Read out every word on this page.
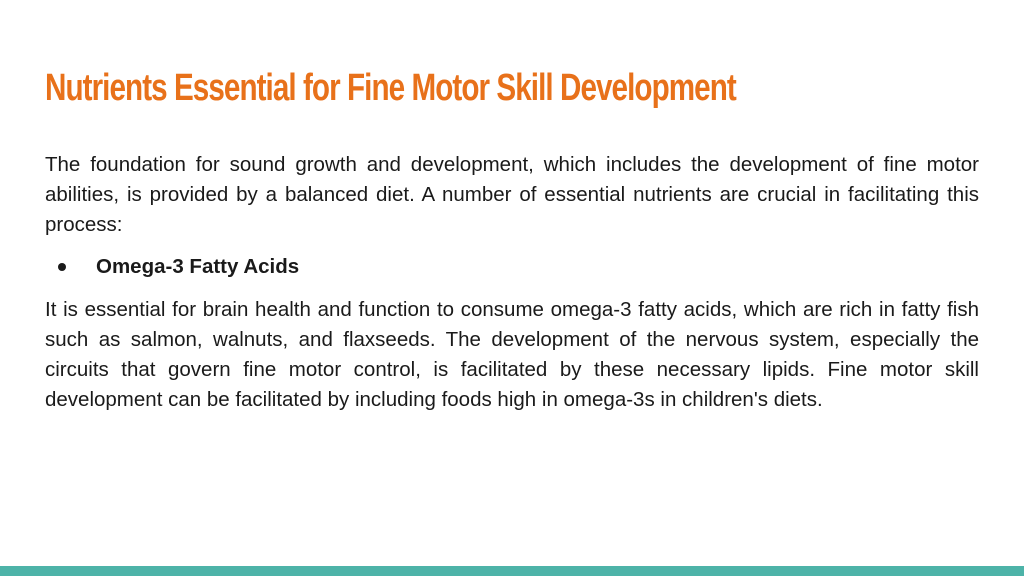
Nutrients Essential for Fine Motor Skill Development

The foundation for sound growth and development, which includes the development of fine motor abilities, is provided by a balanced diet. A number of essential nutrients are crucial in facilitating this process:

Omega-3 Fatty Acids

It is essential for brain health and function to consume omega-3 fatty acids, which are rich in fatty fish such as salmon, walnuts, and flaxseeds. The development of the nervous system, especially the circuits that govern fine motor control, is facilitated by these necessary lipids. Fine motor skill development can be facilitated by including foods high in omega-3s in children's diets.
